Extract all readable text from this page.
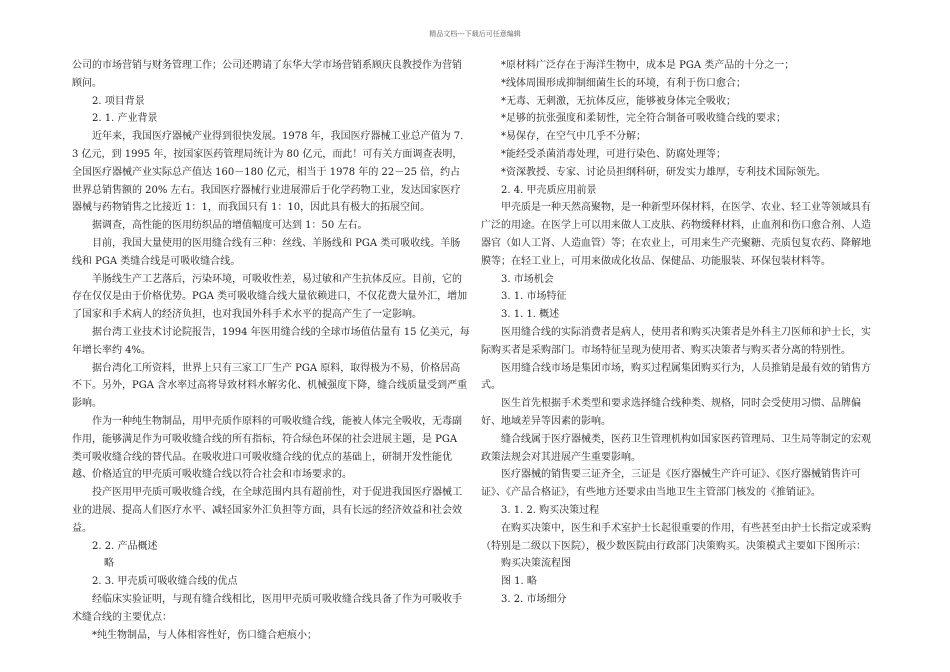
精品文档---下载后可任意编辑

公司的市场营销与财务管理工作；公司还聘请了东华大学市场营销系顾庆良教授作为营销顾问。

2. 项目背景

2. 1. 产业背景

近年来，我国医疗器械产业得到很快发展。1978 年，我国医疗器械工业总产值为 7. 3 亿元，到 1995 年，按国家医药管理局统计为 80 亿元，而此！可有关方面调查表明，全国医疗器械产业实际总产值达 160－180 亿元，相当于 1978 年的 22－25 倍，约占世界总销售额的 20% 左右。我国医疗器械行业进展滞后于化学药物工业，发达国家医疗器械与药物销售之比接近 1：1，而我国只有 1：10，因此具有极大的拓展空间。

据调查，高性能的医用纺织品的增值幅度可达到 1：50 左右。

目前，我国大量使用的医用缝合线有三种：丝线、羊肠线和 PGA 类可吸收线。羊肠线和 PGA 类缝合线是可吸收缝合线。

羊肠线生产工艺落后，污染环境，可吸收性差，易过敏和产生抗体反应。目前，它的存在仅仅是由于价格优势。PGA 类可吸收缝合线大量依赖进口，不仅花费大量外汇，增加了国家和手术病人的经济负担，也对我国外科手术水平的提高产生了一定影响。

据台湾工业技术讨论院报告，1994 年医用缝合线的全球市场值估量有 15 亿美元，每年增长率约 4%。

据台湾化工所资料，世界上只有三家工厂生产 PGA 原料，取得极为不易，价格居高不下。另外，PGA 含水率过高将导致材料水解劣化、机械强度下降，缝合线质量受到严重影响。

作为一种纯生物制品，用甲壳质作原料的可吸收缝合线，能被人体完全吸收，无毒副作用，能够满足作为可吸收缝合线的所有指标，符合绿色环保的社会进展主题，是 PGA 类可吸收缝合线的替代品。在吸收进口可吸收缝合线的优点的基础上，研制开发性能优越、价格适宜的甲壳质可吸收缝合线以符合社会和市场要求的。

投产医用甲壳质可吸收缝合线，在全球范围内具有超前性，对于促进我国医疗器械工业的进展、提高人们医疗水平、减轻国家外汇负担等方面，具有长远的经济效益和社会效益。

2. 2. 产品概述

略

2. 3. 甲壳质可吸收缝合线的优点

经临床实验证明，与现有缝合线相比，医用甲壳质可吸收缝合线具备了作为可吸收手术缝合线的主要优点：

*纯生物制品，与人体相容性好，伤口缝合疤痕小；

*原材料广泛存在于海洋生物中，成本是 PGA 类产品的十分之一；

*线体周围形成抑制细菌生长的环境，有利于伤口愈合；

*无毒、无刺激，无抗体反应，能够被身体完全吸收；

*足够的抗张强度和柔韧性，完全符合制备可吸收缝合线的要求；

*易保存，在空气中几乎不分解；

*能经受杀菌消毒处理，可进行染色、防腐处理等；

*资深教授、专家、讨论员担纲科研，研发实力雄厚，专利技术国际领先。

2. 4. 甲壳质应用前景

甲壳质是一种天然高聚物，是一种新型环保材料，在医学、农业、轻工业等领域具有广泛的用途。在医学上可以用来做人工皮肤、药物缓释材料，止血剂和伤口愈合剂、人造器官（如人工肾、人造血管）等；在农业上，可用来生产壳聚糖、壳质包复农药、降解地膜等；在轻工业上，可用来做成化妆品、保健品、功能服装、环保包装材料等。

3. 市场机会

3. 1. 市场特征

3. 1. 1. 概述

医用缝合线的实际消费者是病人，使用者和购买决策者是外科主刀医师和护士长，实际购买者是采购部门。市场特征呈现为使用者、购买决策者与购买者分离的特别性。

医用缝合线市场是集团市场，购买过程属集团购买行为，人员推销是最有效的销售方式。

医生首先根据手术类型和要求选择缝合线种类、规格，同时会受使用习惯、品牌偏好、地域差异等因素的影响。

缝合线属于医疗器械类，医药卫生管理机构如国家医药管理局、卫生局等制定的宏观政策法规会对其进展产生重要影响。

医疗器械的销售要三证齐全，三证是《医疗器械生产许可证》、《医疗器械销售许可证》、《产品合格证》，有些地方还要求由当地卫生主管部门核发的《推销证》。

3. 1. 2. 购买决策过程

在购买决策中，医生和手术室护士长起很重要的作用，有些甚至由护士长指定或采购（特别是二级以下医院），极少数医院由行政部门决策购买。决策模式主要如下图所示：

购买决策流程图

图 1. 略

3. 2. 市场细分
